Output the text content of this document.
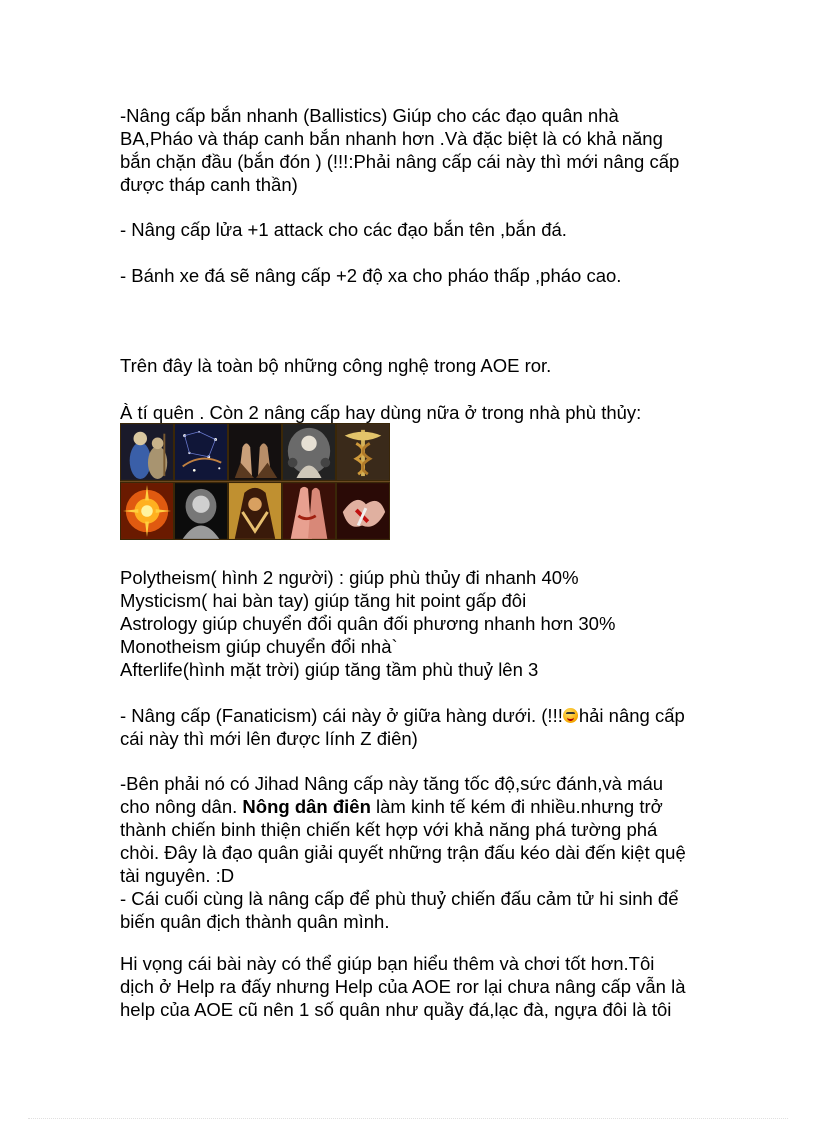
-Nâng cấp bắn nhanh (Ballistics) Giúp cho các đạo quân nhà
BA,Pháo và tháp canh bắn nhanh hơn .Và đặc biệt là có khả năng
bắn chặn đầu (bắn đón ) (!!!:Phải nâng cấp cái này thì mới nâng cấp
được tháp canh thần)
- Nâng cấp lửa +1 attack cho các đạo bắn tên ,bắn đá.
- Bánh xe đá sẽ nâng cấp +2 độ xa cho pháo thấp ,pháo cao.
Trên đây là toàn bộ những công nghệ trong AOE ror.
À tí quên . Còn 2 nâng cấp hay dùng nữa ở trong nhà phù thủy:
Polytheism( hình 2 người) : giúp phù thủy đi nhanh 40%
Mysticism( hai bàn tay) giúp tăng hit point gấp đôi
Astrology giúp chuyển đổi quân đối phương nhanh hơn 30%
Monotheism giúp chuyển đổi nhà`
Afterlife(hình mặt trời) giúp tăng tầm phù thuỷ lên 3
- Nâng cấp (Fanaticism) cái này ở giữa hàng dưới. (!!! hải nâng cấp
cái này thì mới lên được lính Z điên)
-Bên phải nó có Jihad Nâng cấp này tăng tốc độ,sức đánh,và máu
cho nông dân. Nông dân điên làm kinh tế kém đi nhiều.nhưng trở
thành chiến binh thiện chiến kết hợp với khả năng phá tường phá
chòi. Đây là đạo quân giải quyết những trận đấu kéo dài đến kiệt quệ
tài nguyên. :D
- Cái cuối cùng là nâng cấp để phù thuỷ chiến đấu cảm tử hi sinh để
biến quân địch thành quân mình.
Hi vọng cái bài này có thể giúp bạn hiểu thêm và chơi tốt hơn.Tôi
dịch ở Help ra đấy nhưng Help của AOE ror lại chưa nâng cấp vẫn là
help của AOE cũ nên 1 số quân như quầy đá,lạc đà, ngựa đôi là tôi
